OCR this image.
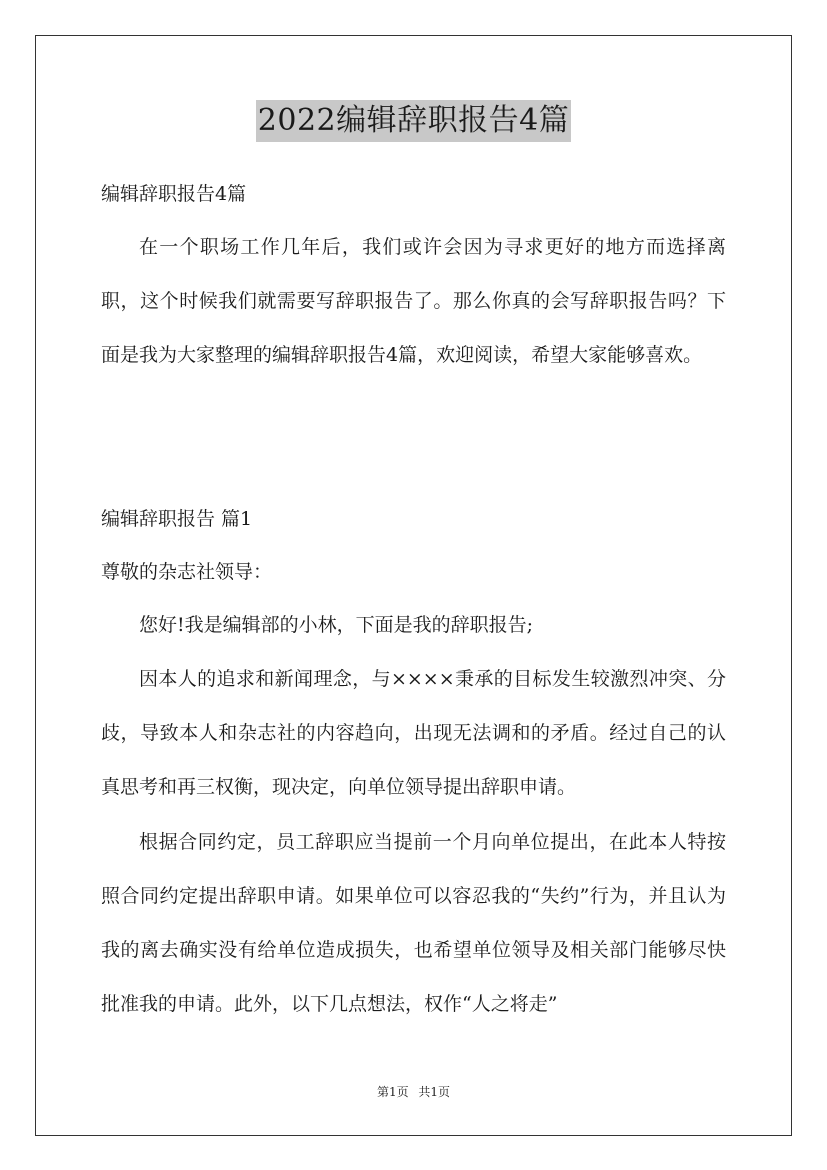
2022编辑辞职报告4篇
编辑辞职报告4篇

在一个职场工作几年后，我们或许会因为寻求更好的地方而选择离职，这个时候我们就需要写辞职报告了。那么你真的会写辞职报告吗？下面是我为大家整理的编辑辞职报告4篇，欢迎阅读，希望大家能够喜欢。

编辑辞职报告 篇1
尊敬的杂志社领导：

您好!我是编辑部的小林，下面是我的辞职报告;

因本人的追求和新闻理念，与××××秉承的目标发生较激烈冲突、分歧，导致本人和杂志社的内容趋向，出现无法调和的矛盾。经过自己的认真思考和再三权衡，现决定，向单位领导提出辞职申请。

根据合同约定，员工辞职应当提前一个月向单位提出，在此本人特按照合同约定提出辞职申请。如果单位可以容忍我的“失约”行为，并且认为我的离去确实没有给单位造成损失，也希望单位领导及相关部门能够尽快批准我的申请。此外，以下几点想法，权作“人之将走”

第1页 共1页
